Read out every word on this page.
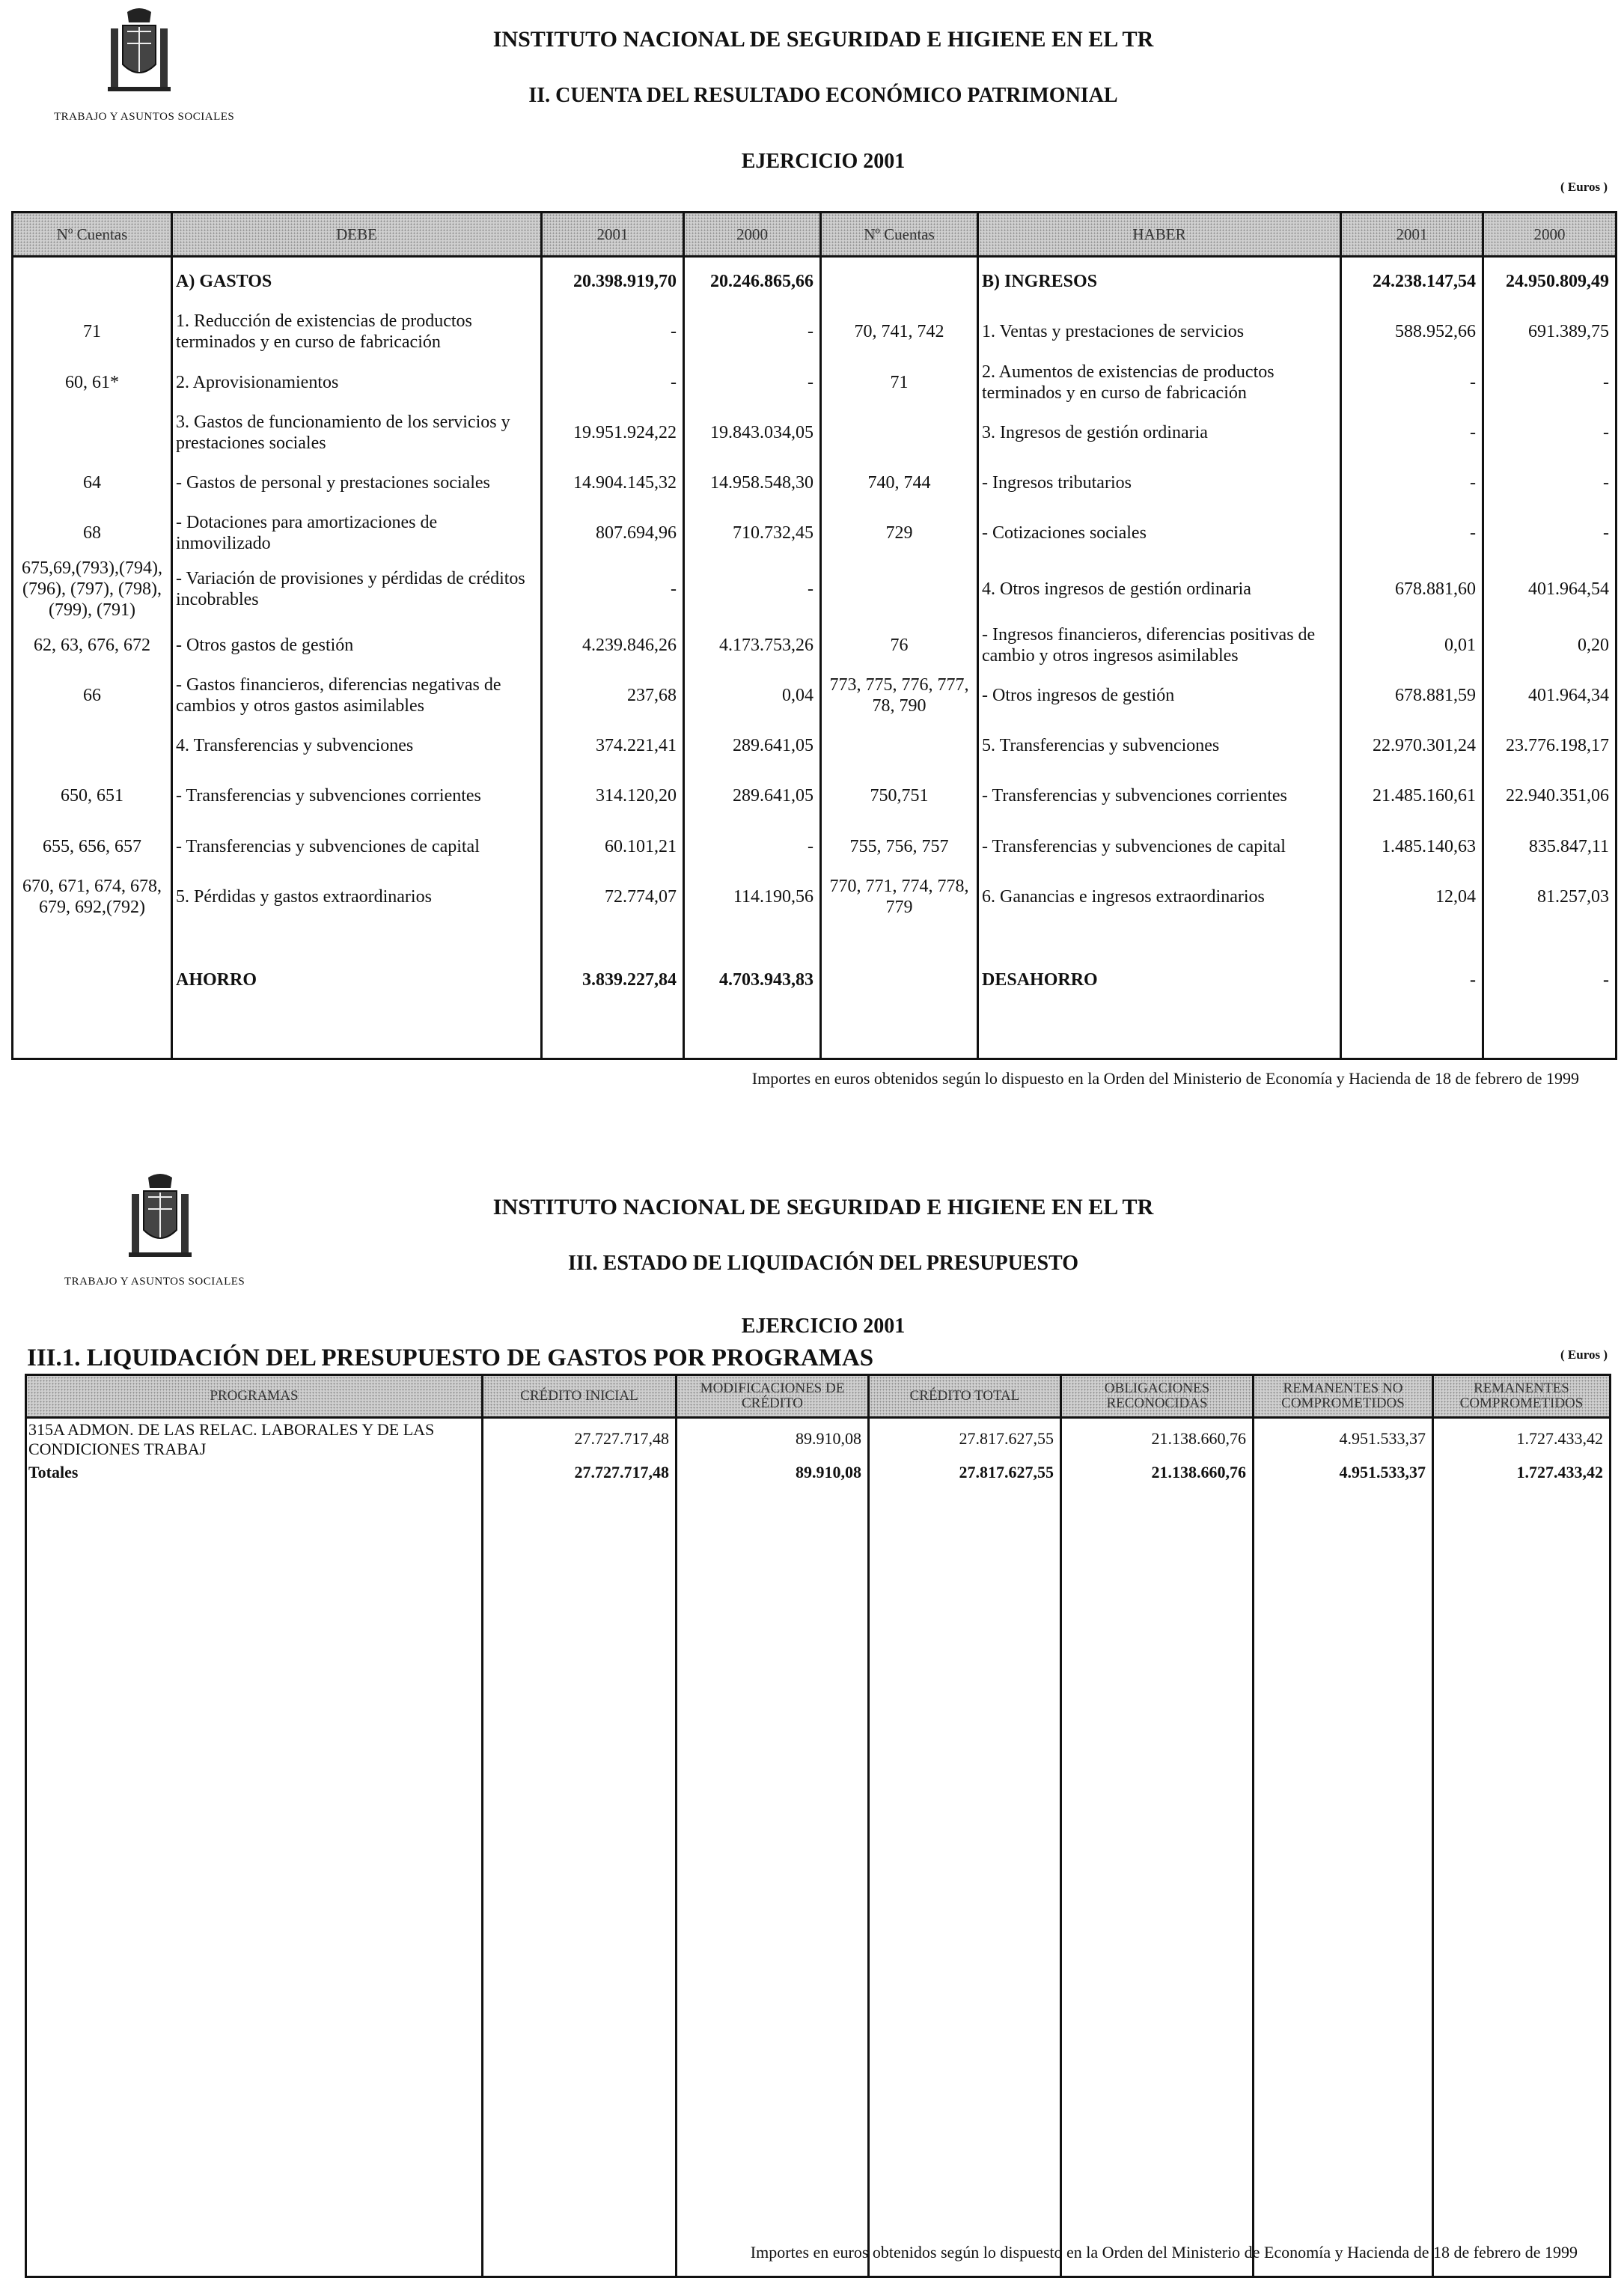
TRABAJO Y ASUNTOS SOCIALES
INSTITUTO NACIONAL DE SEGURIDAD E HIGIENE EN EL TR
II. CUENTA DEL RESULTADO ECONÓMICO PATRIMONIAL
EJERCICIO 2001
( Euros )
Nº Cuentas	DEBE	2001	2000	Nº Cuentas	HABER	2001	2000
	A) GASTOS	20.398.919,70	20.246.865,66		B) INGRESOS	24.238.147,54	24.950.809,49
71	1. Reducción de existencias de productos terminados y en curso de fabricación	-	-	70, 741, 742	1. Ventas y prestaciones de servicios	588.952,66	691.389,75
60, 61*	2. Aprovisionamientos	-	-	71	2. Aumentos de existencias de productos terminados y en curso de fabricación	-	-
	3. Gastos de funcionamiento de los servicios y prestaciones sociales	19.951.924,22	19.843.034,05		3. Ingresos de gestión ordinaria	-	-
64	- Gastos de personal y prestaciones sociales	14.904.145,32	14.958.548,30	740, 744	- Ingresos tributarios	-	-
68	- Dotaciones para amortizaciones de inmovilizado	807.694,96	710.732,45	729	- Cotizaciones sociales	-	-
675,69,(793),(794), (796), (797), (798), (799), (791)	- Variación de provisiones y pérdidas de créditos incobrables	-	-		4. Otros ingresos de gestión ordinaria	678.881,60	401.964,54
62, 63, 676, 672	- Otros gastos de gestión	4.239.846,26	4.173.753,26	76	- Ingresos financieros, diferencias positivas de cambio y otros ingresos asimilables	0,01	0,20
66	- Gastos financieros, diferencias negativas de cambios y otros gastos asimilables	237,68	0,04	773, 775, 776, 777, 78, 790	- Otros ingresos de gestión	678.881,59	401.964,34
	4. Transferencias y subvenciones	374.221,41	289.641,05		5. Transferencias y subvenciones	22.970.301,24	23.776.198,17
650, 651	- Transferencias y subvenciones corrientes	314.120,20	289.641,05	750,751	- Transferencias y subvenciones corrientes	21.485.160,61	22.940.351,06
655, 656, 657	- Transferencias y subvenciones de capital	60.101,21	-	755, 756, 757	- Transferencias y subvenciones de capital	1.485.140,63	835.847,11
670, 671, 674, 678, 679, 692,(792)	5. Pérdidas y gastos extraordinarios	72.774,07	114.190,56	770, 771, 774, 778, 779	6. Ganancias e ingresos extraordinarios	12,04	81.257,03

	AHORRO	3.839.227,84	4.703.943,83		DESAHORRO	-	-

Importes en euros obtenidos según lo dispuesto en la Orden del Ministerio de Economía y Hacienda de 18 de febrero de 1999
TRABAJO Y ASUNTOS SOCIALES
INSTITUTO NACIONAL DE SEGURIDAD E HIGIENE EN EL TR
III. ESTADO DE LIQUIDACIÓN DEL PRESUPUESTO
EJERCICIO 2001
III.1. LIQUIDACIÓN DEL PRESUPUESTO DE GASTOS POR PROGRAMAS	( Euros )
PROGRAMAS	CRÉDITO INICIAL	MODIFICACIONES DE CRÉDITO	CRÉDITO TOTAL	OBLIGACIONES RECONOCIDAS	REMANENTES NO COMPROMETIDOS	REMANENTES COMPROMETIDOS
315A ADMON. DE LAS RELAC. LABORALES Y DE LAS CONDICIONES TRABAJ	27.727.717,48	89.910,08	27.817.627,55	21.138.660,76	4.951.533,37	1.727.433,42
Totales	27.727.717,48	89.910,08	27.817.627,55	21.138.660,76	4.951.533,37	1.727.433,42
Importes en euros obtenidos según lo dispuesto en la Orden del Ministerio de Economía y Hacienda de 18 de febrero de 1999
